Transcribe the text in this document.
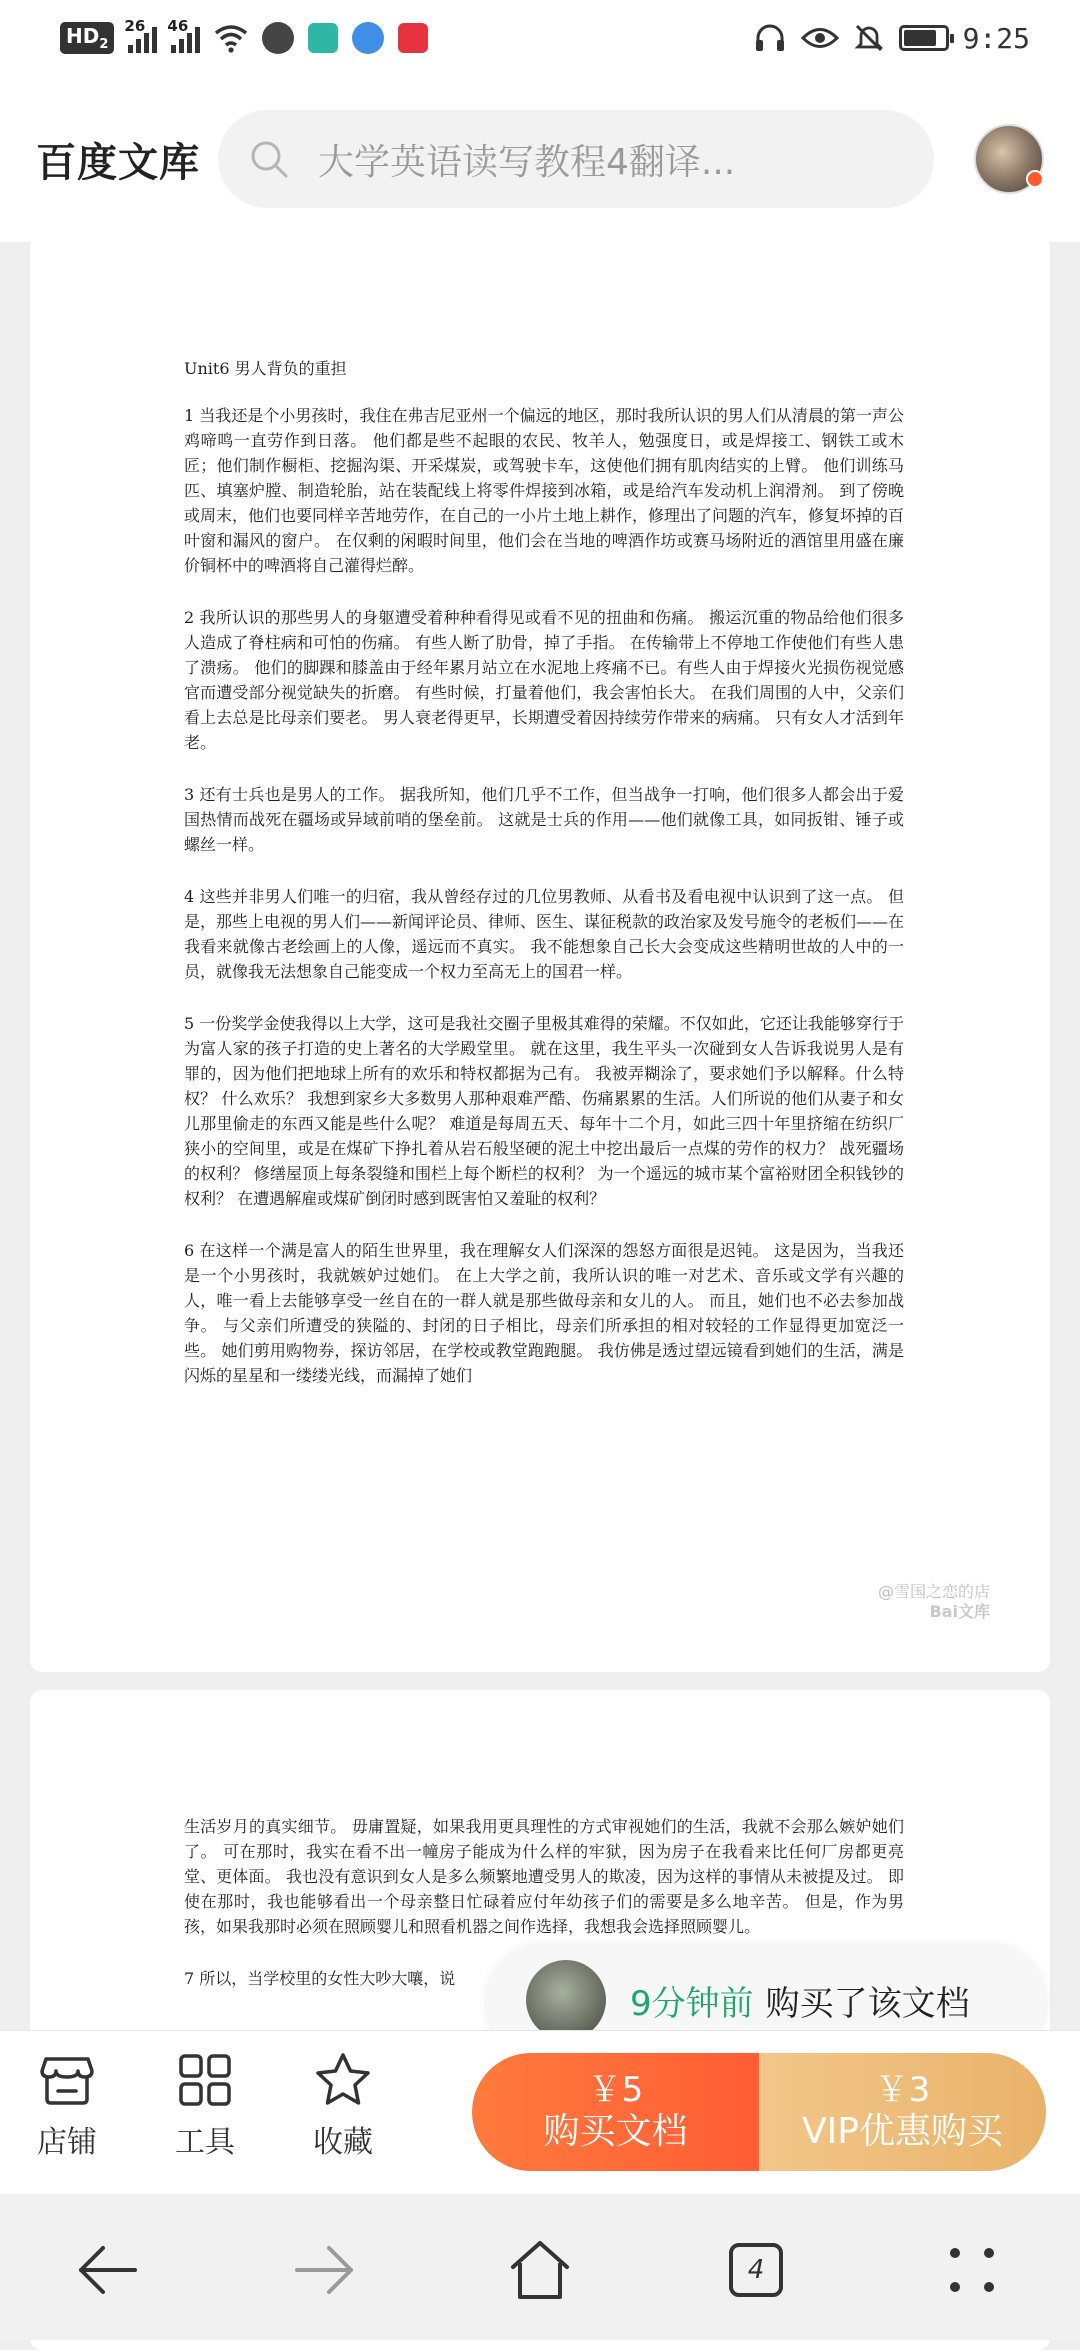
$HD_2$
26 46	9:25
百度文库	大学英语读写教程4翻译...

Unit6 男人背负的重担

1 当我还是个小男孩时，我住在弗吉尼亚州一个偏远的地区，那时我所认识的男人们从清晨的第一声公鸡啼鸣一直劳作到日落。 他们都是些不起眼的农民、牧羊人，勉强度日，或是焊接工、钢铁工或木匠；他们制作橱柜、挖掘沟渠、开采煤炭，或驾驶卡车，这使他们拥有肌肉结实的上臂。 他们训练马匹、填塞炉膛、制造轮胎，站在装配线上将零件焊接到冰箱，或是给汽车发动机上润滑剂。 到了傍晚或周末，他们也要同样辛苦地劳作，在自己的一小片土地上耕作，修理出了问题的汽车，修复坏掉的百叶窗和漏风的窗户。 在仅剩的闲暇时间里，他们会在当地的啤酒作坊或赛马场附近的酒馆里用盛在廉价铜杯中的啤酒将自己灌得烂醉。

2 我所认识的那些男人的身躯遭受着种种看得见或看不见的扭曲和伤痛。 搬运沉重的物品给他们很多人造成了脊柱病和可怕的伤痛。 有些人断了肋骨，掉了手指。 在传输带上不停地工作使他们有些人患了溃疡。 他们的脚踝和膝盖由于经年累月站立在水泥地上疼痛不已。有些人由于焊接火光损伤视觉感官而遭受部分视觉缺失的折磨。 有些时候，打量着他们，我会害怕长大。 在我们周围的人中，父亲们看上去总是比母亲们要老。 男人衰老得更早，长期遭受着因持续劳作带来的病痛。 只有女人才活到年老。

3 还有士兵也是男人的工作。 据我所知，他们几乎不工作，但当战争一打响，他们很多人都会出于爱国热情而战死在疆场或异域前哨的堡垒前。 这就是士兵的作用——他们就像工具，如同扳钳、锤子或螺丝一样。

4 这些并非男人们唯一的归宿，我从曾经存过的几位男教师、从看书及看电视中认识到了这一点。 但是，那些上电视的男人们——新闻评论员、律师、医生、谋征税款的政治家及发号施令的老板们——在我看来就像古老绘画上的人像，遥远而不真实。 我不能想象自己长大会变成这些精明世故的人中的一员，就像我无法想象自己能变成一个权力至高无上的国君一样。

5 一份奖学金使我得以上大学，这可是我社交圈子里极其难得的荣耀。不仅如此，它还让我能够穿行于为富人家的孩子打造的史上著名的大学殿堂里。 就在这里，我生平头一次碰到女人告诉我说男人是有罪的，因为他们把地球上所有的欢乐和特权都据为己有。 我被弄糊涂了，要求她们予以解释。什么特权？ 什么欢乐？ 我想到家乡大多数男人那种艰难严酷、伤痛累累的生活。人们所说的他们从妻子和女儿那里偷走的东西又能是些什么呢？ 难道是每周五天、每年十二个月，如此三四十年里挤缩在纺织厂狭小的空间里，或是在煤矿下挣扎着从岩石般坚硬的泥土中挖出最后一点煤的劳作的权力？ 战死疆场的权利？ 修缮屋顶上每条裂缝和围栏上每个断栏的权利？ 为一个遥远的城市某个富裕财团全积钱钞的权利？ 在遭遇解雇或煤矿倒闭时感到既害怕又羞耻的权利？

6 在这样一个满是富人的陌生世界里，我在理解女人们深深的怨怒方面很是迟钝。 这是因为，当我还是一个小男孩时，我就嫉妒过她们。 在上大学之前，我所认识的唯一对艺术、音乐或文学有兴趣的人，唯一看上去能够享受一丝自在的一群人就是那些做母亲和女儿的人。 而且，她们也不必去参加战争。 与父亲们所遭受的狭隘的、封闭的日子相比，母亲们所承担的相对较轻的工作显得更加宽泛一些。 她们剪用购物券，探访邻居，在学校或教堂跑跑腿。 我仿佛是透过望远镜看到她们的生活，满是闪烁的星星和一缕缕光线，而漏掉了她们

@雪国之恋的店
Bai文库

生活岁月的真实细节。 毋庸置疑，如果我用更具理性的方式审视她们的生活，我就不会那么嫉妒她们了。 可在那时，我实在看不出一幢房子能成为什么样的牢狱，因为房子在我看来比任何厂房都更亮堂、更体面。 我也没有意识到女人是多么频繁地遭受男人的欺凌，因为这样的事情从未被提及过。 即使在那时，我也能够看出一个母亲整日忙碌着应付年幼孩子们的需要是多么地辛苦。 但是，作为男孩，如果我那时必须在照顾婴儿和照看机器之间作选择，我想我会选择照顾婴儿。

7 所以，当学校里的女性大吵大嚷，说

9分钟前 购买了该文档
店铺	工具	收藏
￥5
购买文档
￥3
VIP优惠购买
4
